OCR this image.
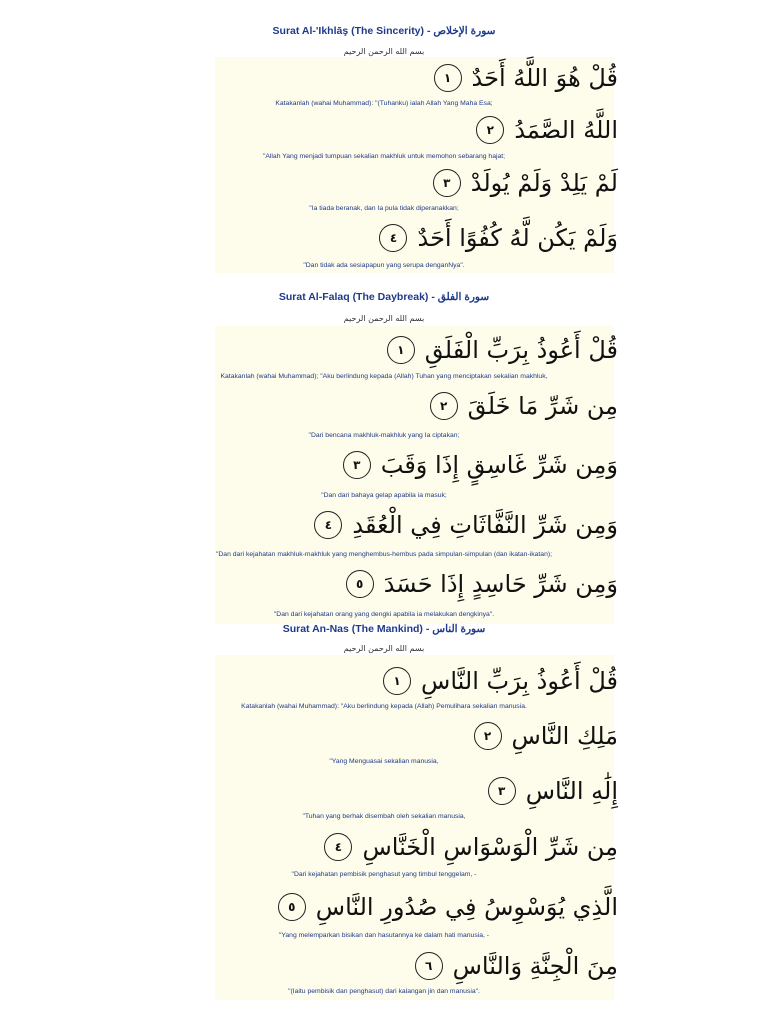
Surat Al-'Ikhlāş (The Sincerity) - سورة الإخلاص
بسم الله الرحمن الرحيم
قُلْ هُوَ اللَّهُ أَحَدٌ
١
Katakanlah (wahai Muhammad): "(Tuhanku) ialah Allah Yang Maha Esa;
اللَّهُ الصَّمَدُ
٢
"Allah Yang menjadi tumpuan sekalian makhluk untuk memohon sebarang hajat;
لَمْ يَلِدْ وَلَمْ يُولَدْ
٣
"Ia tiada beranak, dan Ia pula tidak diperanakkan;
وَلَمْ يَكُن لَّهُ كُفُوًا أَحَدٌ
٤
"Dan tidak ada sesiapapun yang serupa denganNya".
Surat Al-Falaq (The Daybreak) - سورة الفلق
بسم الله الرحمن الرحيم
قُلْ أَعُوذُ بِرَبِّ الْفَلَقِ
١
Katakanlah (wahai Muhammad); "Aku berlindung kepada (Allah) Tuhan yang menciptakan sekalian makhluk,
مِن شَرِّ مَا خَلَقَ
٢
"Dari bencana makhluk-makhluk yang Ia ciptakan;
وَمِن شَرِّ غَاسِقٍ إِذَا وَقَبَ
٣
"Dan dari bahaya gelap apabila ia masuk;
وَمِن شَرِّ النَّفَّاثَاتِ فِي الْعُقَدِ
٤
"Dan dari kejahatan makhluk-makhluk yang menghembus-hembus pada simpulan-simpulan (dan ikatan-ikatan);
وَمِن شَرِّ حَاسِدٍ إِذَا حَسَدَ
٥
"Dan dari kejahatan orang yang dengki apabila ia melakukan dengkinya".
Surat An-Nas (The Mankind) - سورة الناس
بسم الله الرحمن الرحيم
قُلْ أَعُوذُ بِرَبِّ النَّاسِ
١
Katakanlah (wahai Muhammad): "Aku berlindung kepada (Allah) Pemulihara sekalian manusia.
مَلِكِ النَّاسِ
٢
"Yang Menguasai sekalian manusia,
إِلَٰهِ النَّاسِ
٣
"Tuhan yang berhak disembah oleh sekalian manusia,
مِن شَرِّ الْوَسْوَاسِ الْخَنَّاسِ
٤
"Dari kejahatan pembisik penghasut yang timbul tenggelam, -
الَّذِي يُوَسْوِسُ فِي صُدُورِ النَّاسِ
٥
"Yang melemparkan bisikan dan hasutannya ke dalam hati manusia, -
مِنَ الْجِنَّةِ وَالنَّاسِ
٦
"(Iaitu pembisik dan penghasut) dari kalangan jin dan manusia".
